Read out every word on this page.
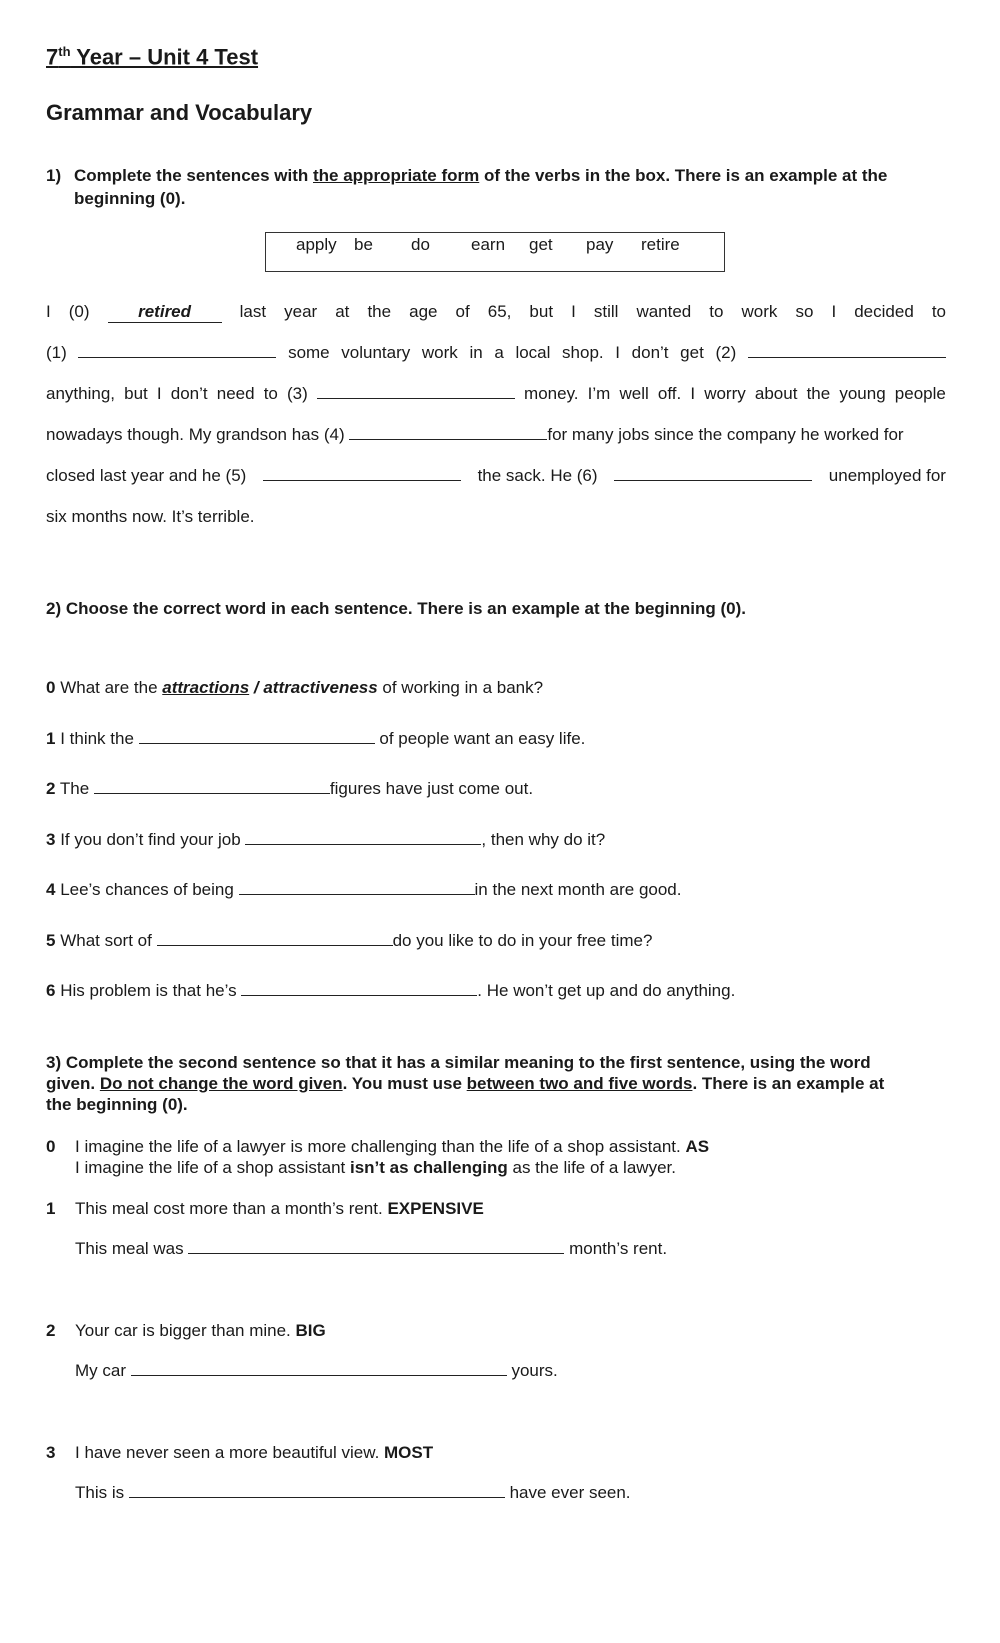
7th Year – Unit 4 Test
Grammar and Vocabulary
1) Complete the sentences with the appropriate form of the verbs in the box. There is an example at the
beginning (0).
apply be do earn get pay retire
I (0)	retired	last year at the age of 65, but I still wanted to work so I decided to
(1)	some voluntary work in a local shop. I don’t get (2)
anything, but I don’t need to (3)	money. I’m well off. I worry about the young people
nowadays though. My grandson has (4)	for many jobs since the company he worked for
closed last year and he (5)	the sack. He (6)	unemployed for
six months now. It’s terrible.
2) Choose the correct word in each sentence. There is an example at the beginning (0).
0 What are the attractions / attractiveness of working in a bank?
1 I think the	of people want an easy life.
2 The	figures have just come out.
3 If you don’t find your job	, then why do it?
4 Lee’s chances of being	in the next month are good.
5 What sort of	do you like to do in your free time?
6 His problem is that he’s	. He won’t get up and do anything.
3) Complete the second sentence so that it has a similar meaning to the first sentence, using the word
given. Do not change the word given. You must use between two and five words. There is an example at
the beginning (0).
0 I imagine the life of a lawyer is more challenging than the life of a shop assistant. AS
I imagine the life of a shop assistant isn’t as challenging as the life of a lawyer.
1 This meal cost more than a month’s rent. EXPENSIVE
This meal was	month’s rent.
2 Your car is bigger than mine. BIG
My car	yours.
3 I have never seen a more beautiful view. MOST
This is	have ever seen.
